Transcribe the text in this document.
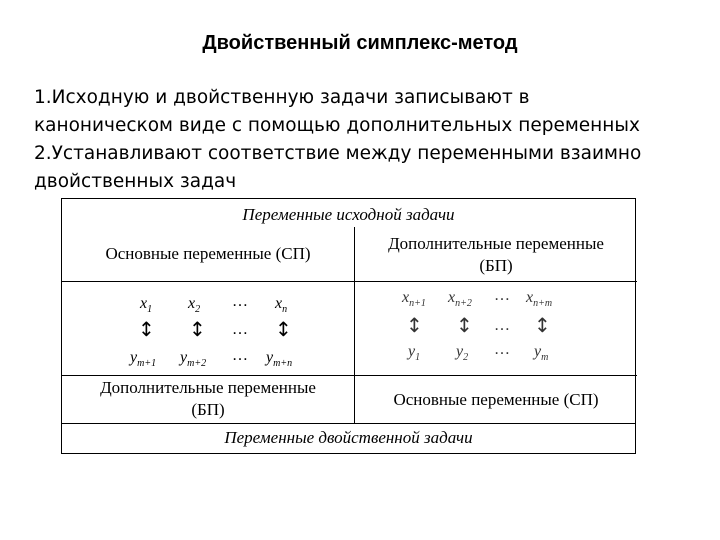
Двойственный симплекс-метод

1.Исходную и двойственную задачи записывают в

каноническом виде с помощью дополнительных переменных

2.Устанавливают соответствие между переменными взаимно

двойственных задач

Переменные исходной задачи
Основные переменные (СП)
Дополнительные переменные
(БП)
$x_1$ $x_2$ … $x_n$
↕ ↕ … ↕
$y_{m+1}$ $y_{m+2}$ … $y_{m+n}$
$x_{n+1}$ $x_{n+2}$ … $x_{n+m}$
↕ ↕ … ↕
$y_1$ $y_2$ … $y_m$
Дополнительные переменные
(БП)
Основные переменные (СП)
Переменные двойственной задачи
